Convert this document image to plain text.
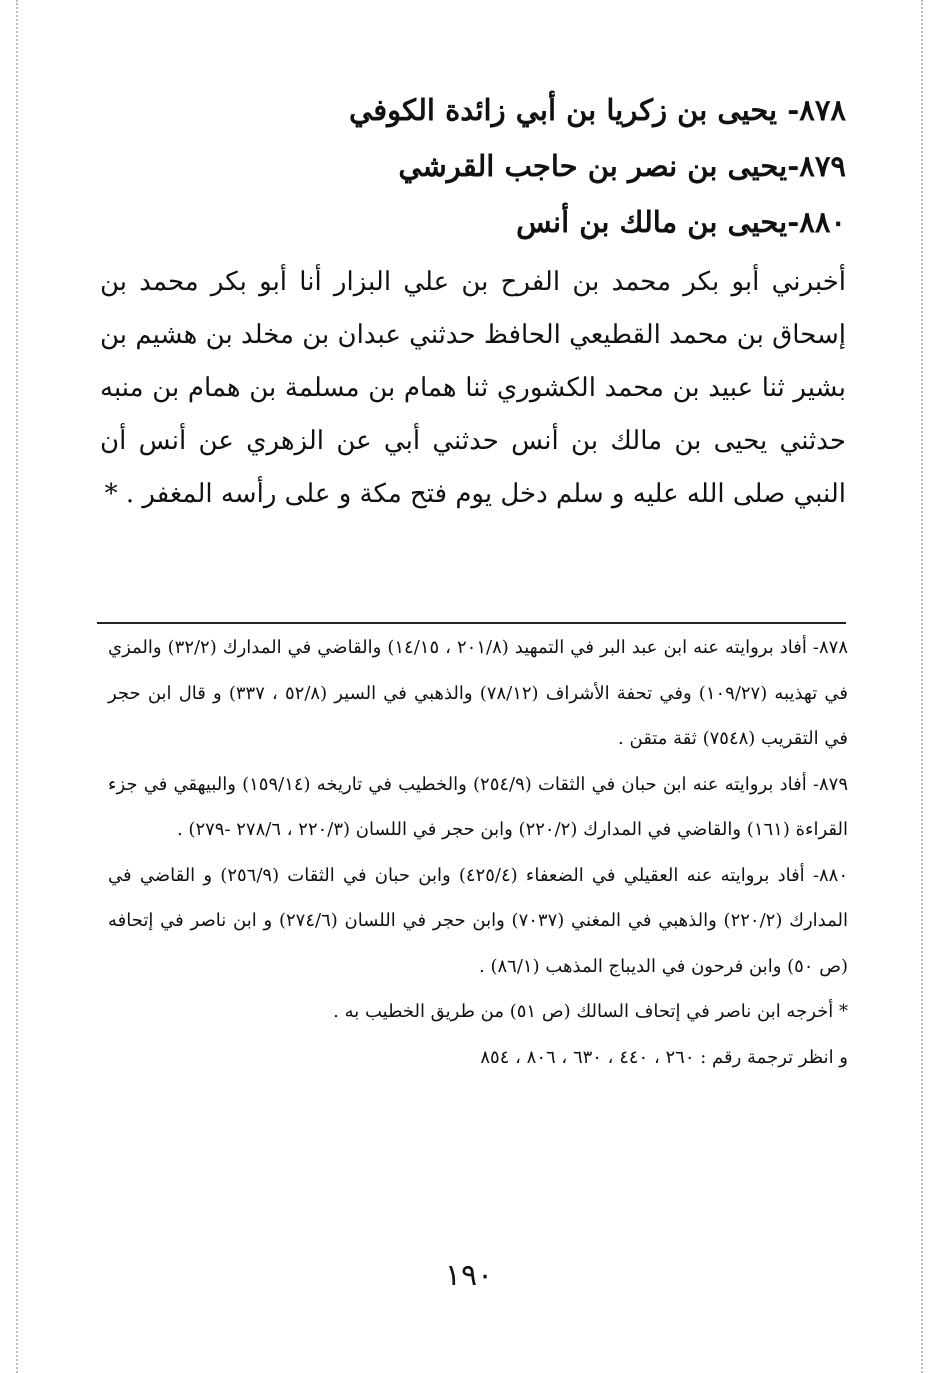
٨٧٨- يحيى بن زكريا بن أبي زائدة الكوفي
٨٧٩-يحيى بن نصر بن حاجب القرشي
٨٨٠-يحيى بن مالك بن أنس
أخبرني أبو بكر محمد بن الفرح بن علي البزار أنا أبو بكر محمد بن إسحاق بن محمد القطيعي الحافظ حدثني عبدان بن مخلد بن هشيم بن بشير ثنا عبيد بن محمد الكشوري ثنا همام بن مسلمة بن همام بن منبه حدثني يحيى بن مالك بن أنس حدثني أبي عن الزهري عن أنس أن النبي صلى الله عليه و سلم دخل يوم فتح مكة و على رأسه المغفر . *
٨٧٨- أفاد بروايته عنه ابن عبد البر في التمهيد (٢٠١/٨ ، ١٤/١٥) والقاضي في المدارك (٣٢/٢) والمزي في تهذيبه (١٠٩/٢٧) وفي تحفة الأشراف (٧٨/١٢) والذهبي في السير (٥٢/٨ ، ٣٣٧) و قال ابن حجر في التقريب (٧٥٤٨) ثقة متقن .
٨٧٩- أفاد بروايته عنه ابن حبان في الثقات (٢٥٤/٩) والخطيب في تاريخه (١٥٩/١٤) والبيهقي في جزء القراءة (١٦١) والقاضي في المدارك (٢٢٠/٢) وابن حجر في اللسان (٢٢٠/٣ ، ٢٧٨/٦ -٢٧٩) .
٨٨٠- أفاد بروايته عنه العقيلي في الضعفاء (٤٢٥/٤) وابن حبان في الثقات (٢٥٦/٩) و القاضي في المدارك (٢٢٠/٢) والذهبي في المغني (٧٠٣٧) وابن حجر في اللسان (٢٧٤/٦) و ابن ناصر في إتحافه (ص ٥٠) وابن فرحون في الديباج المذهب (٨٦/١) .
* أخرجه ابن ناصر في إتحاف السالك (ص ٥١) من طريق الخطيب به .
و انظر ترجمة رقم : ٢٦٠ ، ٤٤٠ ، ٦٣٠ ، ٨٠٦ ، ٨٥٤
١٩٠
